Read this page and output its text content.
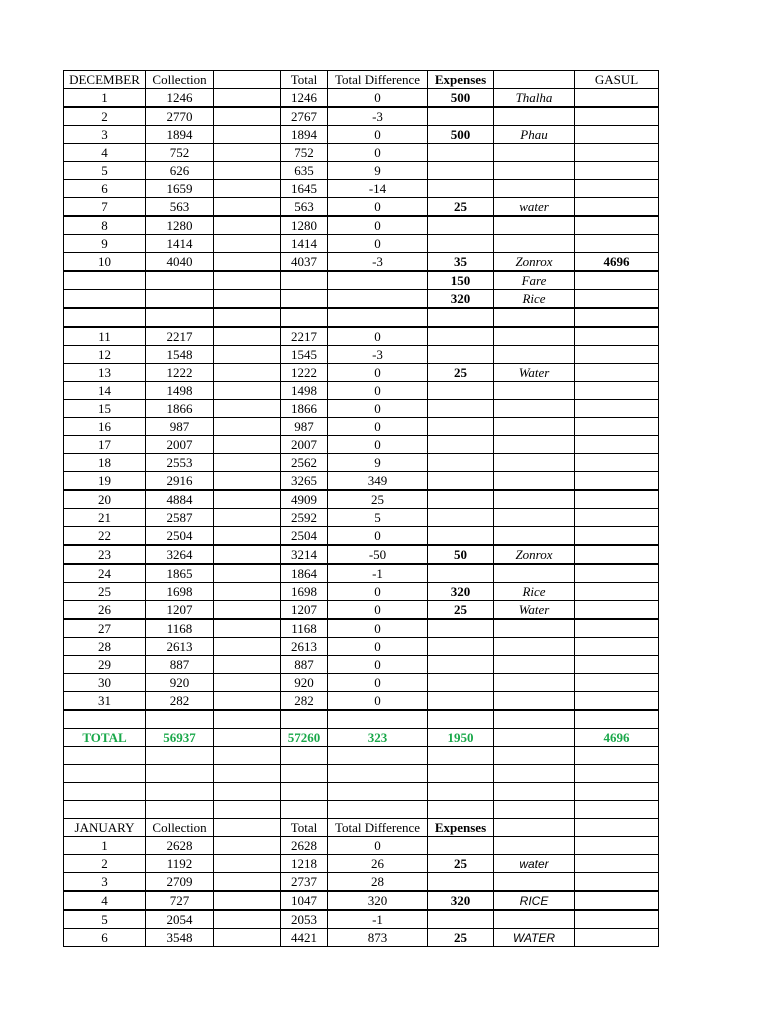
DECEMBER	Collection		Total	Total Difference	Expenses		GASUL
1	1246		1246	0	500	Thalha	
2	2770		2767	-3			
3	1894		1894	0	500	Phau	
4	752		752	0			
5	626		635	9			
6	1659		1645	-14			
7	563		563	0	25	water	
8	1280		1280	0			
9	1414		1414	0			
10	4040		4037	-3	35	Zonrox	4696
					150	Fare	
					320	Rice	

11	2217		2217	0			
12	1548		1545	-3			
13	1222		1222	0	25	Water	
14	1498		1498	0			
15	1866		1866	0			
16	987		987	0			
17	2007		2007	0			
18	2553		2562	9			
19	2916		3265	349			
20	4884		4909	25			
21	2587		2592	5			
22	2504		2504	0			
23	3264		3214	-50	50	Zonrox	
24	1865		1864	-1			
25	1698		1698	0	320	Rice	
26	1207		1207	0	25	Water	
27	1168		1168	0			
28	2613		2613	0			
29	887		887	0			
30	920		920	0			
31	282		282	0			

TOTAL	56937		57260	323	1950		4696

JANUARY	Collection		Total	Total Difference	Expenses		
1	2628		2628	0			
2	1192		1218	26	25	water	
3	2709		2737	28			
4	727		1047	320	320	RICE	
5	2054		2053	-1			
6	3548		4421	873	25	WATER	
